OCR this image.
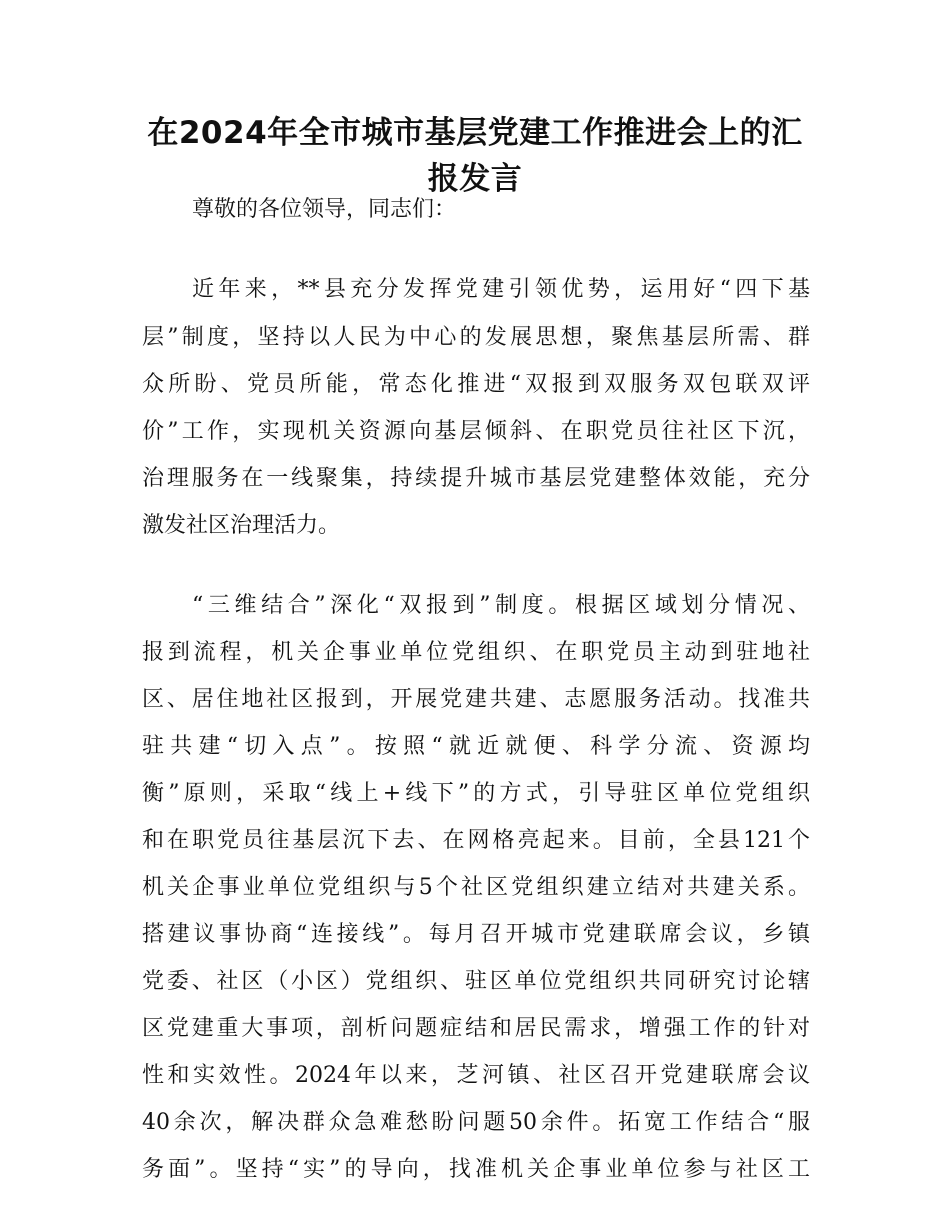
在2024年全市城市基层党建工作推进会上的汇
报发言
尊敬的各位领导，同志们：
近年来，**县充分发挥党建引领优势，运用好“四下基
层”制度，坚持以人民为中心的发展思想，聚焦基层所需、群
众所盼、党员所能，常态化推进“双报到双服务双包联双评
价”工作，实现机关资源向基层倾斜、在职党员往社区下沉，
治理服务在一线聚集，持续提升城市基层党建整体效能，充分
激发社区治理活力。
“三维结合”深化“双报到”制度。根据区域划分情况、
报到流程，机关企事业单位党组织、在职党员主动到驻地社
区、居住地社区报到，开展党建共建、志愿服务活动。找准共
驻共建“切入点”。按照“就近就便、科学分流、资源均
衡”原则，采取“线上+线下”的方式，引导驻区单位党组织
和在职党员往基层沉下去、在网格亮起来。目前，全县121个
机关企事业单位党组织与5个社区党组织建立结对共建关系。
搭建议事协商“连接线”。每月召开城市党建联席会议，乡镇
党委、社区（小区）党组织、驻区单位党组织共同研究讨论辖
区党建重大事项，剖析问题症结和居民需求，增强工作的针对
性和实效性。2024年以来，芝河镇、社区召开党建联席会议
40余次，解决群众急难愁盼问题50余件。拓宽工作结合“服
务面”。坚持“实”的导向，找准机关企事业单位参与社区工
